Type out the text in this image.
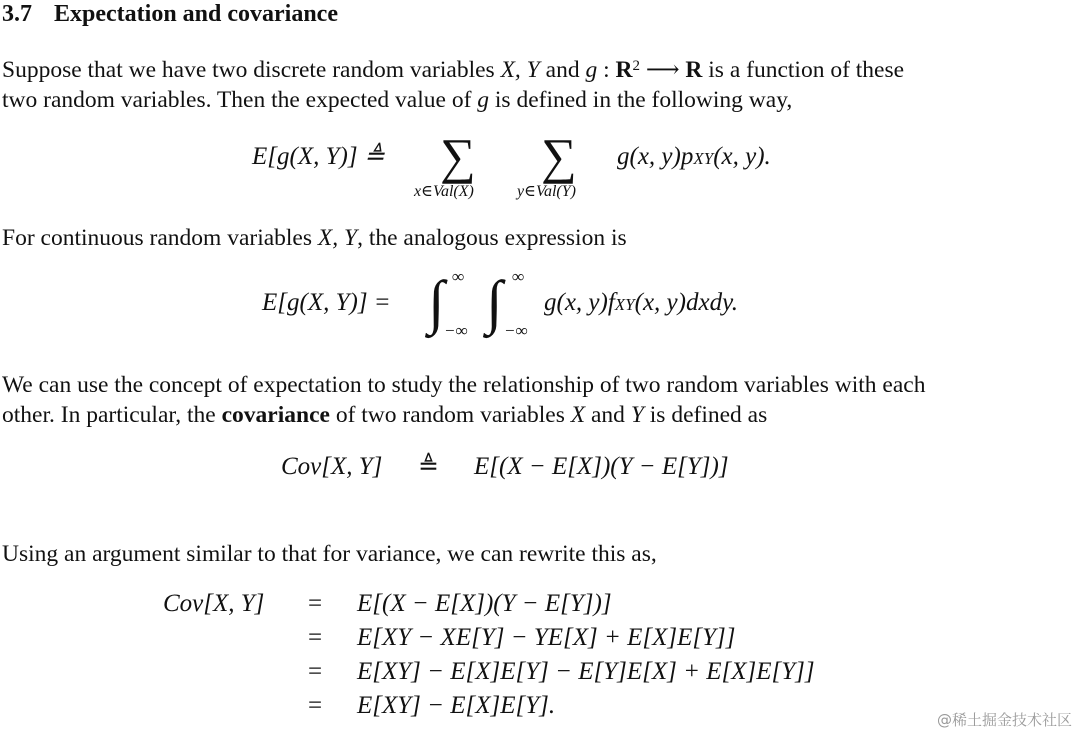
3.7 Expectation and covariance
Suppose that we have two discrete random variables X, Y and g : $R^2$ ⟶ R is a function of these
two random variables. Then the expected value of g is defined in the following way,
E[g(X, Y)] ≜ ∑ ∑
x∈Val(X)	y∈Val(Y)
g(x, y)pXY(x, y).
For continuous random variables X, Y, the analogous expression is
E[g(X, Y)] = ∫ ∞
−∞ ∫ ∞
−∞
g(x, y)fXY(x, y)dxdy.
We can use the concept of expectation to study the relationship of two random variables with each
other. In particular, the covariance of two random variables X and Y is defined as
Cov[X, Y] ≜ E[(X − E[X])(Y − E[Y])]
Using an argument similar to that for variance, we can rewrite this as,
Cov[X, Y] = E[(X − E[X])(Y − E[Y])]
= E[XY − XE[Y] − YE[X] + E[X]E[Y]]
= E[XY] − E[X]E[Y] − E[Y]E[X] + E[X]E[Y]]
= E[XY] − E[X]E[Y].
@稀土掘金技术社区
